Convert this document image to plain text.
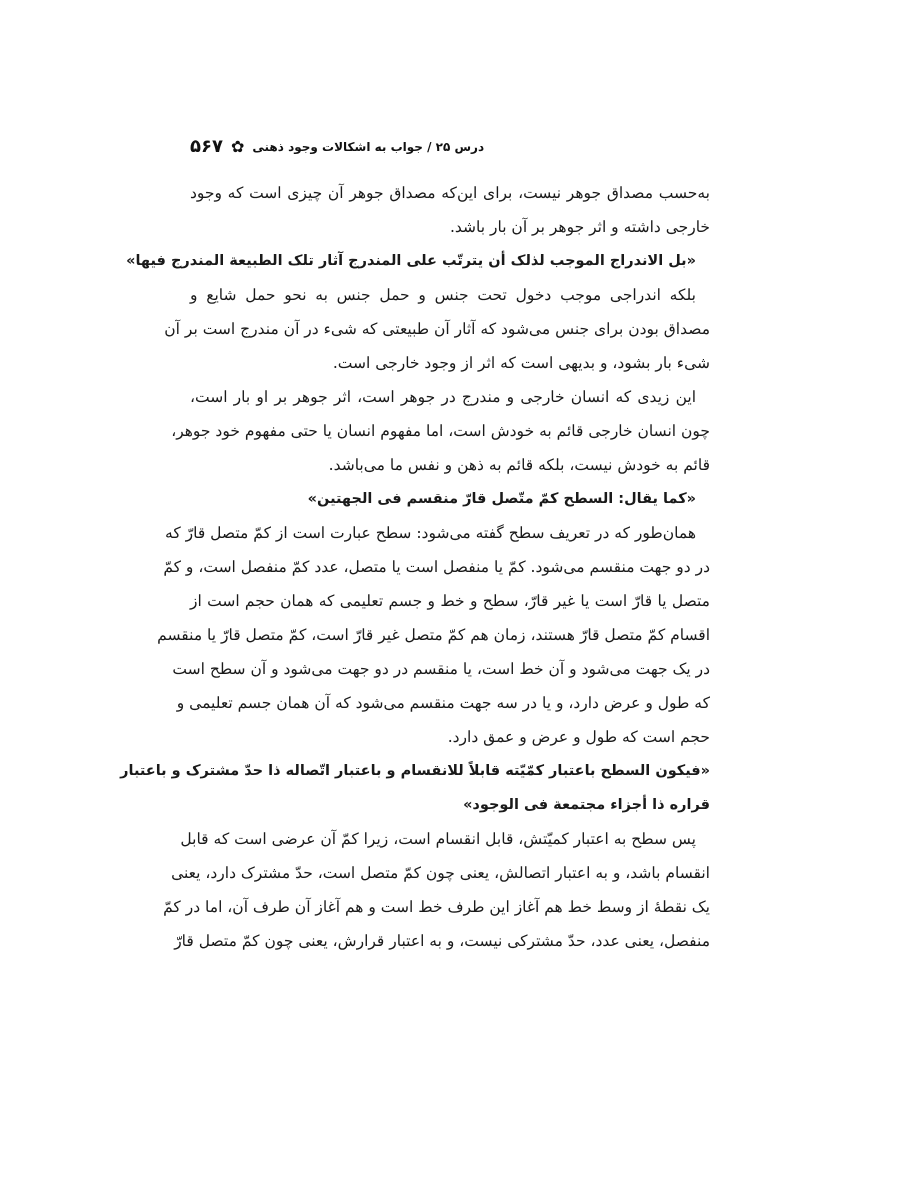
درس ۲۵ / جواب به اشکالات وجود ذهنی
✿
۵۶۷
به‌حسب مصداق جوهر نیست، برای این‌که مصداق جوهر آن چیزی است که وجود
خارجی داشته و اثر جوهر بر آن بار باشد.
«بل الاندراج الموجب لذلک أن یترتّب علی المندرج آثار تلک الطبیعة المندرج فیها»
بلکه اندراجی موجب دخول تحت جنس و حمل جنس به نحو حمل شایع و
مصداق بودن برای جنس می‌شود که آثار آن طبیعتی که شیء در آن مندرج است بر آن
شیء بار بشود، و بدیهی است که اثر از وجود خارجی است.
این زیدی که انسان خارجی و مندرج در جوهر است، اثر جوهر بر او بار است،
چون انسان خارجی قائم به خودش است، اما مفهوم انسان یا حتی مفهوم خود جوهر،
قائم به خودش نیست، بلکه قائم به ذهن و نفس ما می‌باشد.
«کما یقال: السطح کمّ متّصل قارّ منقسم فی الجهتین»
همان‌طور که در تعریف سطح گفته می‌شود: سطح عبارت است از کمّ متصل قارّ که
در دو جهت منقسم می‌شود. کمّ یا منفصل است یا متصل، عدد کمّ منفصل است، و کمّ
متصل یا قارّ است یا غیر قارّ، سطح و خط و جسم تعلیمی که همان حجم است از
اقسام کمّ متصل قارّ هستند، زمان هم کمّ متصل غیر قارّ است، کمّ متصل قارّ یا منقسم
در یک جهت می‌شود و آن خط است، یا منقسم در دو جهت می‌شود و آن سطح است
که طول و عرض دارد، و یا در سه جهت منقسم می‌شود که آن همان جسم تعلیمی و
حجم است که طول و عرض و عمق دارد.
«فیکون السطح باعتبار کمّیّته قابلاً للانقسام و باعتبار اتّصاله ذا حدّ مشترک و باعتبار
قراره ذا أجزاء مجتمعة فی الوجود»
پس سطح به اعتبار کمیّتش، قابل انقسام است، زیرا کمّ آن عرضی است که قابل
انقسام باشد، و به اعتبار اتصالش، یعنی چون کمّ متصل است، حدّ مشترک دارد، یعنی
یک نقطهٔ از وسط خط هم آغاز این طرف خط است و هم آغاز آن طرف آن، اما در کمّ
منفصل، یعنی عدد، حدّ مشترکی نیست، و به اعتبار قرارش، یعنی چون کمّ متصل قارّ
